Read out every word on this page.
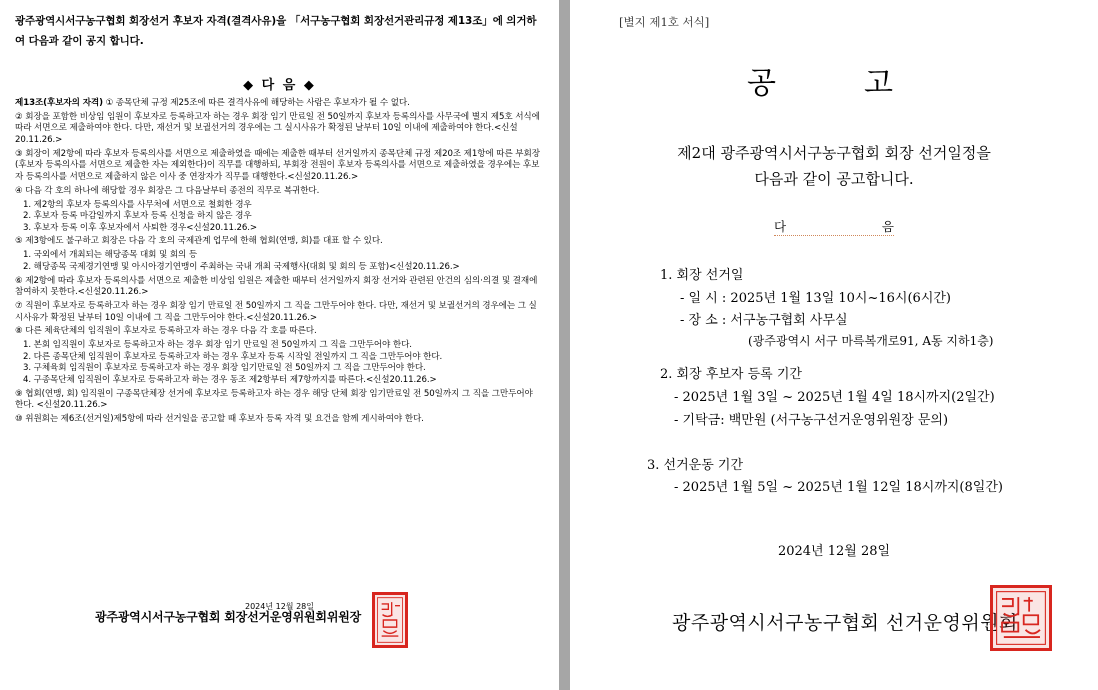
광주광역시서구농구협회 회장선거 후보자 자격(결격사유)을 「서구농구협회 회장선거관리규정 제13조」에 의거하여 다음과 같이 공지 합니다.
◆ 다 음 ◆

제13조(후보자의 자격) ① 종목단체 규정 제25조에 따른 결격사유에 해당하는 사람은 후보자가 될 수 없다.

② 회장을 포함한 비상임 임원이 후보자로 등록하고자 하는 경우 회장 임기 만료일 전 50일까지 후보자 등록의사를 사무국에 별지 제5호 서식에 따라 서면으로 제출하여야 한다. 다만, 재선거 및 보궐선거의 경우에는 그 실시사유가 확정된 날부터 10일 이내에 제출하여야 한다.<신설20.11.26.>

③ 회장이 제2항에 따라 후보자 등록의사를 서면으로 제출하였을 때에는 제출한 때부터 선거일까지 종목단체 규정 제20조 제1항에 따른 부회장(후보자 등록의사를 서면으로 제출한 자는 제외한다)이 직무를 대행하되, 부회장 전원이 후보자 등록의사를 서면으로 제출하였을 경우에는 후보자 등록의사를 서면으로 제출하지 않은 이사 중 연장자가 직무를 대행한다.<신설20.11.26.>

④ 다음 각 호의 하나에 해당할 경우 회장은 그 다음날부터 종전의 직무로 복귀한다.

1. 제2항의 후보자 등록의사를 사무처에 서면으로 철회한 경우

2. 후보자 등록 마감일까지 후보자 등록 신청을 하지 않은 경우

3. 후보자 등록 이후 후보자에서 사퇴한 경우<신설20.11.26.>

⑤ 제3항에도 불구하고 회장은 다음 각 호의 국제관계 업무에 한해 협회(연맹, 회)를 대표 할 수 있다.

1. 국외에서 개최되는 해당종목 대회 및 회의 등

2. 해당종목 국제경기연맹 및 아시아경기연맹이 주최하는 국내 개최 국제행사(대회 및 회의 등 포함)<신설20.11.26.>

⑥ 제2항에 따라 후보자 등록의사를 서면으로 제출한 비상임 임원은 제출한 때부터 선거일까지 회장 선거와 관련된 안건의 심의·의결 및 결재에 참여하지 못한다.<신설20.11.26.>

⑦ 직원이 후보자로 등록하고자 하는 경우 회장 임기 만료일 전 50일까지 그 직을 그만두어야 한다. 다만, 재선거 및 보궐선거의 경우에는 그 실시사유가 확정된 날부터 10일 이내에 그 직을 그만두어야 한다.<신설20.11.26.>

⑧ 다른 체육단체의 임직원이 후보자로 등록하고자 하는 경우 다음 각 호를 따른다.

1. 본회 임직원이 후보자로 등록하고자 하는 경우 회장 임기 만료일 전 50일까지 그 직을 그만두어야 한다.

2. 다른 종목단체 임직원이 후보자로 등록하고자 하는 경우 후보자 등록 시작일 전일까지 그 직을 그만두어야 한다.

3. 구체육회 임직원이 후보자로 등록하고자 하는 경우 회장 임기만료일 전 50일까지 그 직을 그만두어야 한다.

4. 구종목단체 임직원이 후보자로 등록하고자 하는 경우 동조 제2항부터 제7항까지를 따른다.<신설20.11.26.>

⑨ 협회(연맹, 회) 임직원이 구종목단체장 선거에 후보자로 등록하고자 하는 경우 해당 단체 회장 임기만료일 전 50일까지 그 직을 그만두어야 한다. <신설20.11.26.>

⑩ 위원회는 제6조(선거일)제5항에 따라 선거일을 공고할 때 후보자 등록 자격 및 요건을 함께 게시하여야 한다.

2024년 12월 28일
광주광역시서구농구협회 회장선거운영위원회위원장
[별지 제1호 서식]
공고
제2대 광주광역시서구농구협회 회장 선거일정을
다음과 같이 공고합니다.
다 음
1. 회장 선거일
- 일 시 : 2025년 1월 13일 10시~16시(6시간)
- 장 소 : 서구농구협회 사무실
(광주광역시 서구 마륵복개로91, A동 지하1층)
2. 회장 후보자 등록 기간
- 2025년 1월 3일 ~ 2025년 1월 4일 18시까지(2일간)
- 기탁금: 백만원 (서구농구선거운영위원장 문의)
3. 선거운동 기간
- 2025년 1월 5일 ~ 2025년 1월 12일 18시까지(8일간)
2024년 12월 28일
광주광역시서구농구협회 선거운영위원회
